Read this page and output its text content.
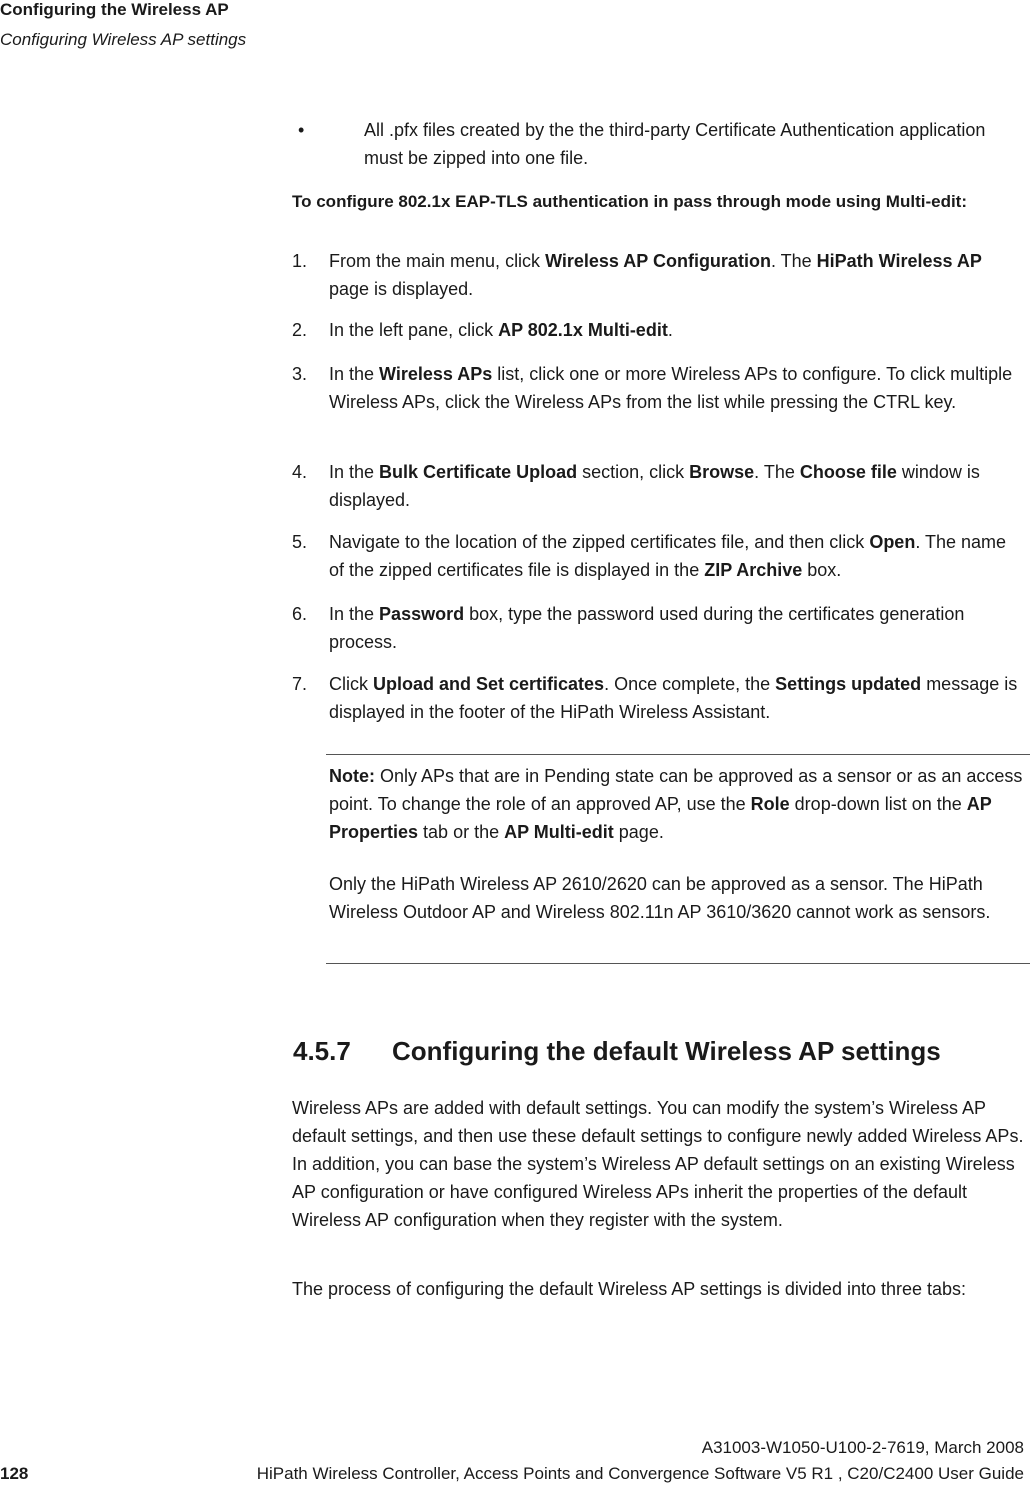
Configuring the Wireless AP
Configuring Wireless AP settings
•	All .pfx files created by the the third-party Certificate Authentication application must be zipped into one file.
To configure 802.1x EAP-TLS authentication in pass through mode using Multi-edit:
1. From the main menu, click Wireless AP Configuration. The HiPath Wireless AP page is displayed.
2. In the left pane, click AP 802.1x Multi-edit.
3. In the Wireless APs list, click one or more Wireless APs to configure. To click multiple Wireless APs, click the Wireless APs from the list while pressing the CTRL key.
4. In the Bulk Certificate Upload section, click Browse. The Choose file window is displayed.
5. Navigate to the location of the zipped certificates file, and then click Open. The name of the zipped certificates file is displayed in the ZIP Archive box.
6. In the Password box, type the password used during the certificates generation process.
7. Click Upload and Set certificates. Once complete, the Settings updated message is displayed in the footer of the HiPath Wireless Assistant.
Note: Only APs that are in Pending state can be approved as a sensor or as an access point. To change the role of an approved AP, use the Role drop-down list on the AP Properties tab or the AP Multi-edit page.
Only the HiPath Wireless AP 2610/2620 can be approved as a sensor. The HiPath Wireless Outdoor AP and Wireless 802.11n AP 3610/3620 cannot work as sensors.
4.5.7 Configuring the default Wireless AP settings
Wireless APs are added with default settings. You can modify the system’s Wireless AP default settings, and then use these default settings to configure newly added Wireless APs. In addition, you can base the system’s Wireless AP default settings on an existing Wireless AP configuration or have configured Wireless APs inherit the properties of the default Wireless AP configuration when they register with the system.
The process of configuring the default Wireless AP settings is divided into three tabs:
A31003-W1050-U100-2-7619, March 2008
128	HiPath Wireless Controller, Access Points and Convergence Software V5 R1 , C20/C2400 User Guide
